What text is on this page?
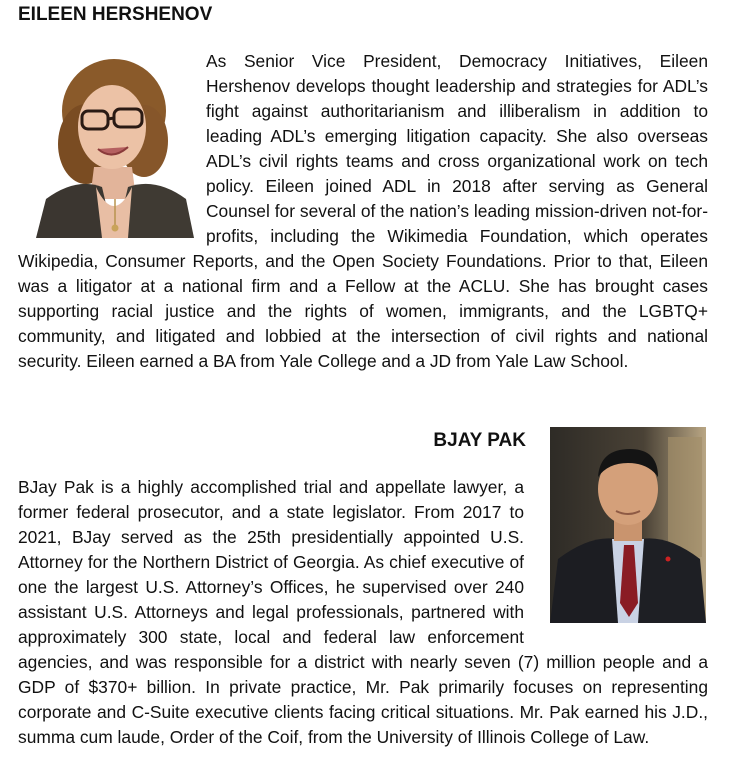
EILEEN HERSHENOV

As Senior Vice President, Democracy Initiatives, Eileen Hershenov develops thought leadership and strategies for ADL’s fight against authoritarianism and illiberalism in addition to leading ADL’s emerging litigation capacity. She also overseas ADL’s civil rights teams and cross organizational work on tech policy. Eileen joined ADL in 2018 after serving as General Counsel for several of the nation’s leading mission-driven not-for-profits, including the Wikimedia Foundation, which operates Wikipedia, Consumer Reports, and the Open Society Foundations. Prior to that, Eileen was a litigator at a national firm and a Fellow at the ACLU. She has brought cases supporting racial justice and the rights of women, immigrants, and the LGBTQ+ community, and litigated and lobbied at the intersection of civil rights and national security. Eileen earned a BA from Yale College and a JD from Yale Law School.

BJAY PAK

BJay Pak is a highly accomplished trial and appellate lawyer, a former federal prosecutor, and a state legislator. From 2017 to 2021, BJay served as the 25th presidentially appointed U.S. Attorney for the Northern District of Georgia. As chief executive of one the largest U.S. Attorney’s Offices, he supervised over 240 assistant U.S. Attorneys and legal professionals, partnered with approximately 300 state, local and federal law enforcement agencies, and was responsible for a district with nearly seven (7) million people and a GDP of $370+ billion. In private practice, Mr. Pak primarily focuses on representing corporate and C-Suite executive clients facing critical situations. Mr. Pak earned his J.D., summa cum laude, Order of the Coif, from the University of Illinois College of Law.
